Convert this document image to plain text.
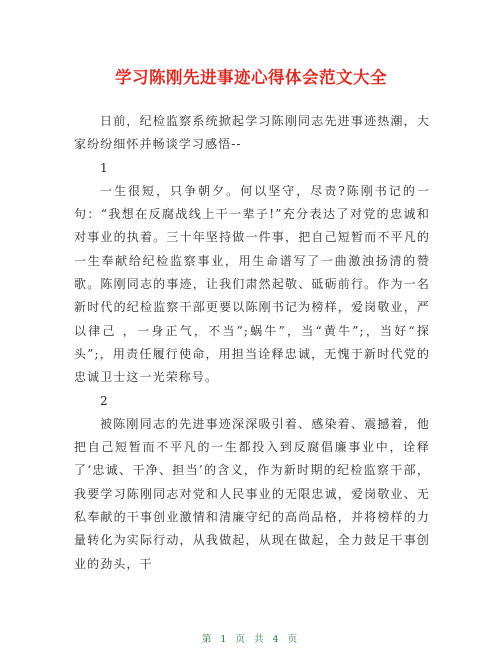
学习陈刚先进事迹心得体会范文大全

日前，纪检监察系统掀起学习陈刚同志先进事迹热潮，大家纷纷细怀并畅谈学习感悟--

1

一生很短，只争朝夕。何以坚守，尽责?陈刚书记的一句：“我想在反腐战线上干一辈子!”充分表达了对党的忠诚和对事业的执着。三十年坚持做一件事，把自己短暂而不平凡的一生奉献给纪检监察事业，用生命谱写了一曲激浊扬清的赞歌。陈刚同志的事迹，让我们肃然起敬、砥砺前行。作为一名新时代的纪检监察干部更要以陈刚书记为榜样，爱岗敬业，严以律己 ，一身正气，不当”;蜗牛”，当“黄牛”;，当好“探头”;，用责任履行使命，用担当诠释忠诚，无愧于新时代党的忠诚卫士这一光荣称号。

2

被陈刚同志的先进事迹深深吸引着、感染着、震撼着，他把自己短暂而不平凡的一生都投入到反腐倡廉事业中，诠释了‘忠诚、干净、担当’的含义，作为新时期的纪检监察干部，我要学习陈刚同志对党和人民事业的无限忠诚，爱岗敬业、无私奉献的干事创业激情和清廉守纪的高尚品格，并将榜样的力量转化为实际行动，从我做起，从现在做起，全力鼓足干事创业的劲头，干

第 1 页 共 4 页
